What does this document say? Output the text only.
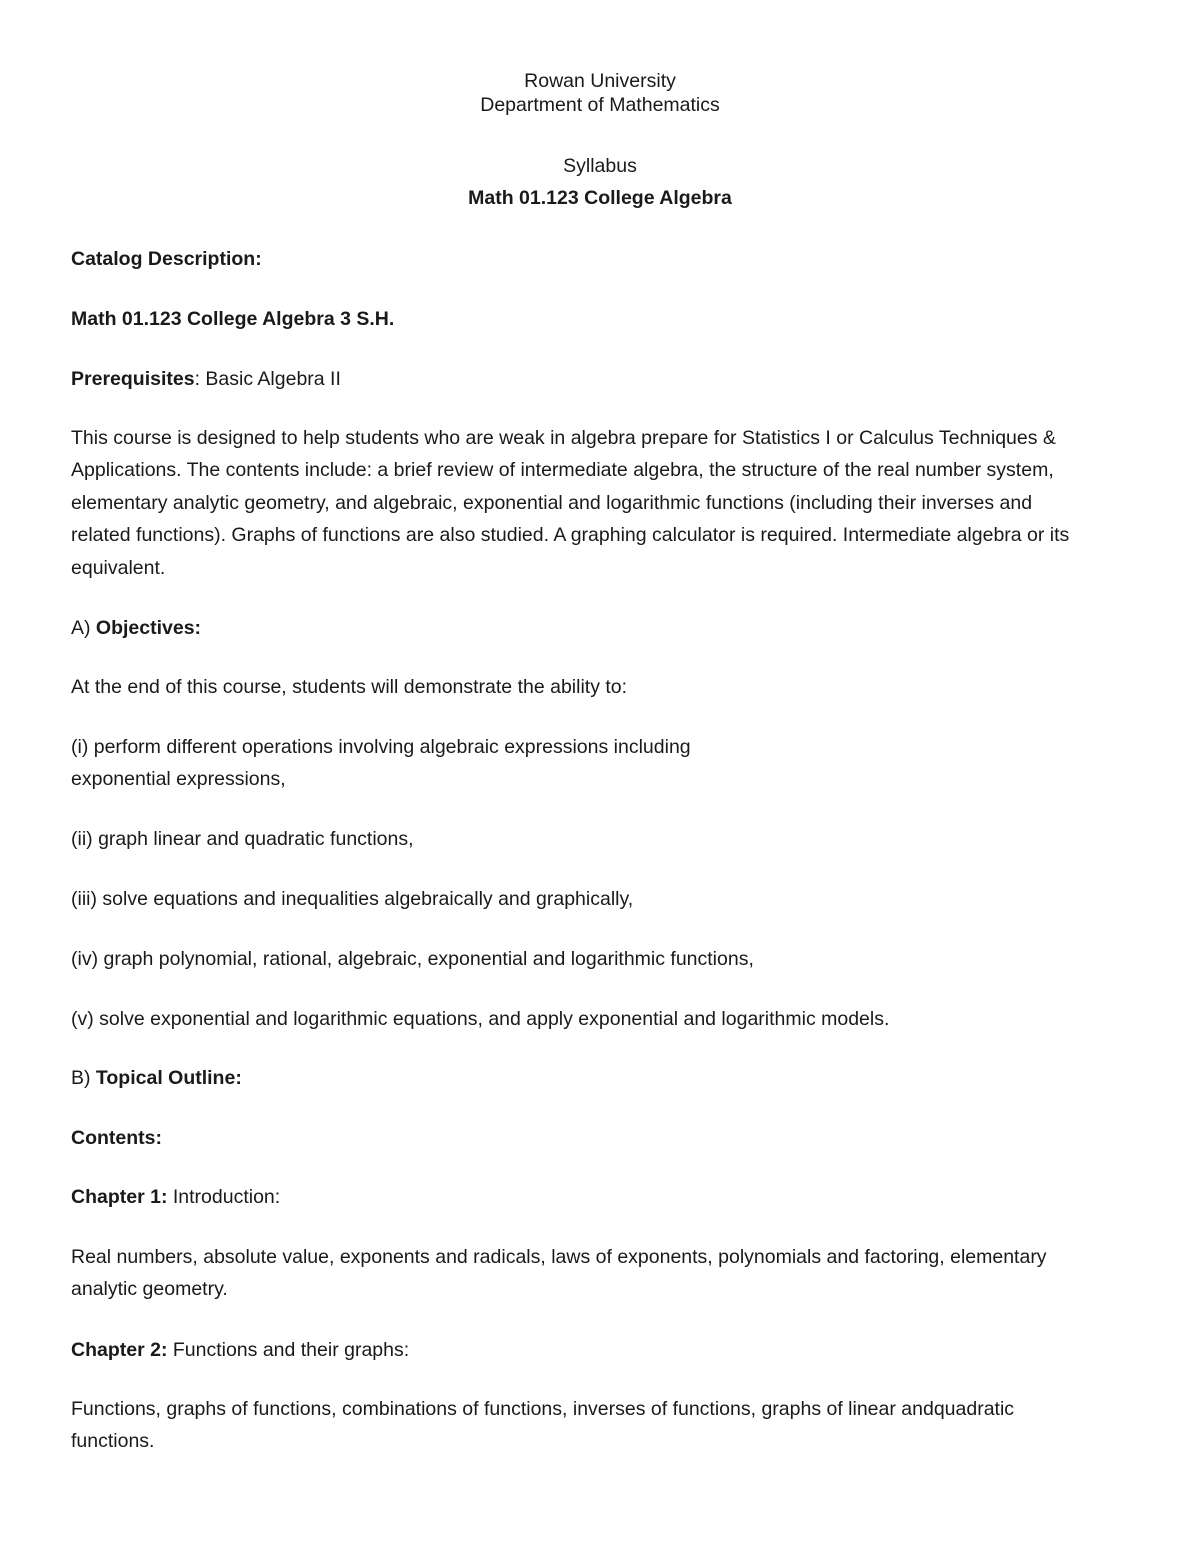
Rowan University
Department of Mathematics
Syllabus
Math 01.123 College Algebra
Catalog Description:
Math 01.123 College Algebra 3 S.H.
Prerequisites: Basic Algebra II
This course is designed to help students who are weak in algebra prepare for Statistics I or Calculus Techniques &
Applications. The contents include: a brief review of intermediate algebra, the structure of the real number system,
elementary analytic geometry, and algebraic, exponential and logarithmic functions (including their inverses and
related functions). Graphs of functions are also studied. A graphing calculator is required. Intermediate algebra or its
equivalent.
A) Objectives:
At the end of this course, students will demonstrate the ability to:
(i) perform different operations involving algebraic expressions including
exponential expressions,
(ii) graph linear and quadratic functions,
(iii) solve equations and inequalities algebraically and graphically,
(iv) graph polynomial, rational, algebraic, exponential and logarithmic functions,
(v) solve exponential and logarithmic equations, and apply exponential and logarithmic models.
B) Topical Outline:
Contents:
Chapter 1: Introduction:
Real numbers, absolute value, exponents and radicals, laws of exponents, polynomials and factoring, elementary
analytic geometry.
Chapter 2: Functions and their graphs:
Functions, graphs of functions, combinations of functions, inverses of functions, graphs of linear andquadratic
functions.
